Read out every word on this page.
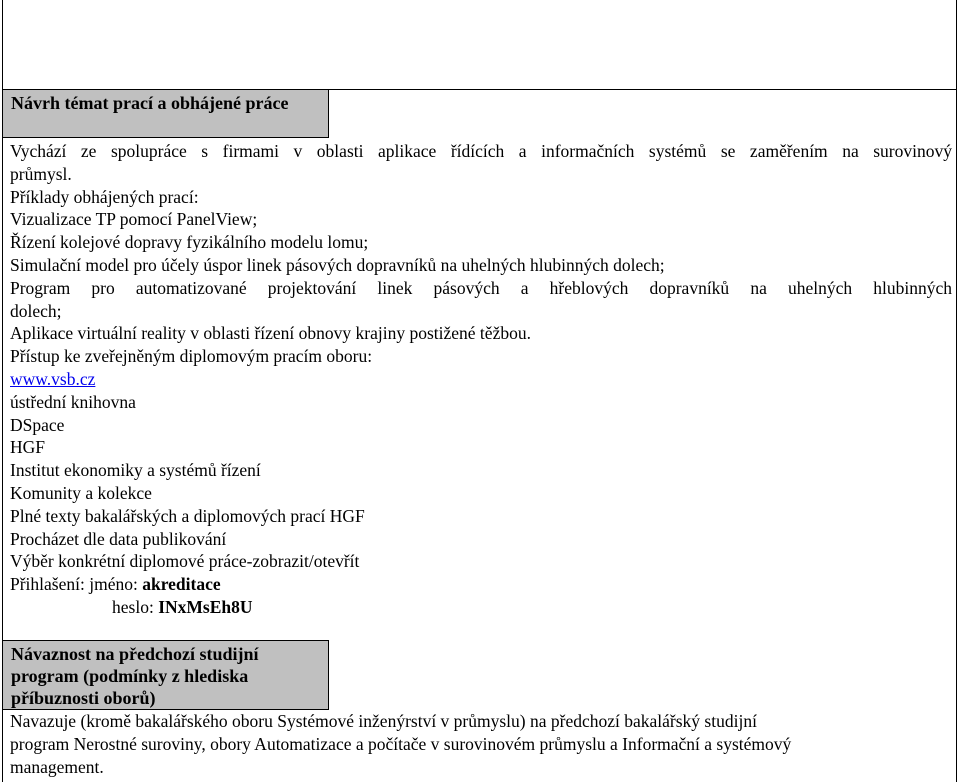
Návrh témat prací a obhájené práce
Vychází ze spolupráce s firmami v oblasti aplikace řídících a informačních systémů se zaměřením na surovinový
průmysl.
Příklady obhájených prací:
Vizualizace TP pomocí PanelView;
Řízení kolejové dopravy fyzikálního modelu lomu;
Simulační model pro účely úspor linek pásových dopravníků na uhelných hlubinných dolech;
Program pro automatizované projektování linek pásových a hřeblových dopravníků na uhelných hlubinných
dolech;
Aplikace virtuální reality v oblasti řízení obnovy krajiny postižené těžbou.
Přístup ke zveřejněným diplomovým pracím oboru:
www.vsb.cz
ústřední knihovna
DSpace
HGF
Institut ekonomiky a systémů řízení
Komunity a kolekce
Plné texty bakalářských a diplomových prací HGF
Procházet dle data publikování
Výběr konkrétní diplomové práce-zobrazit/otevřít
Přihlašení: jméno: akreditace
heslo: INxMsEh8U
Návaznost na předchozí studijní program (podmínky z hlediska příbuznosti oborů)
Navazuje (kromě bakalářského oboru Systémové inženýrství v průmyslu) na předchozí bakalářský studijní
program Nerostné suroviny, obory Automatizace a počítače v surovinovém průmyslu a Informační a systémový
management.
